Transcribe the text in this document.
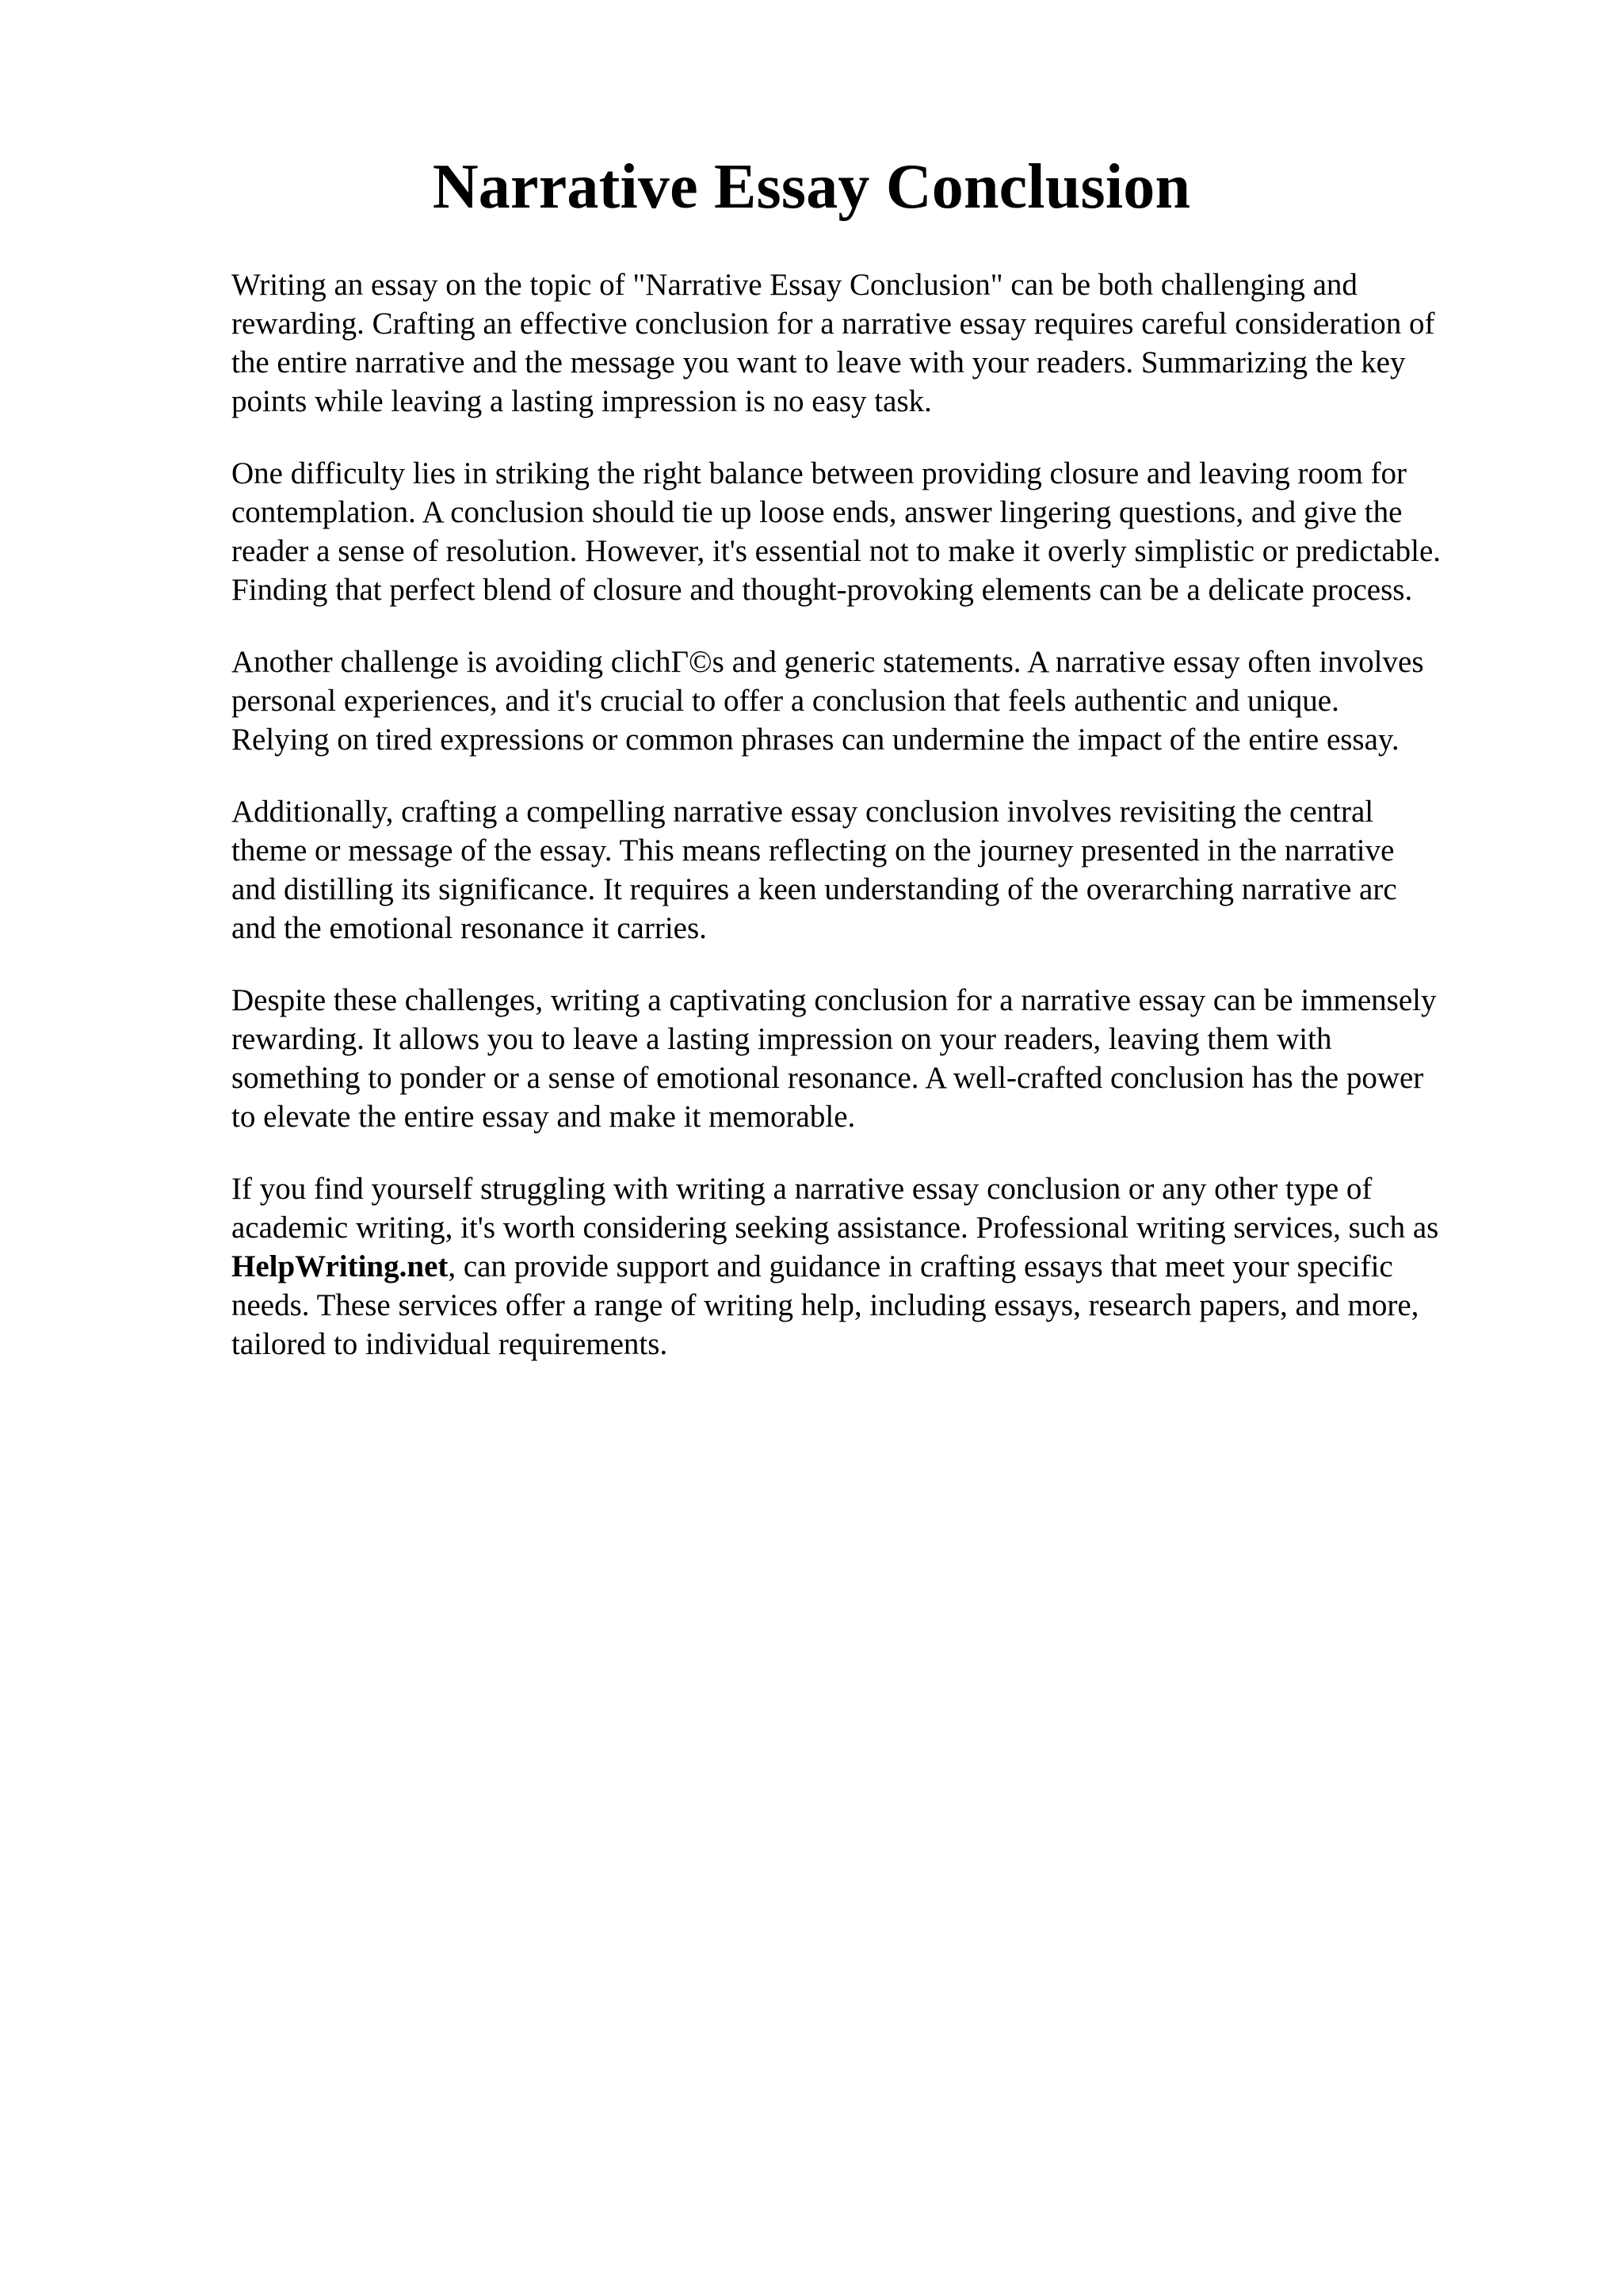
Narrative Essay Conclusion

Writing an essay on the topic of "Narrative Essay Conclusion" can be both challenging and
rewarding. Crafting an effective conclusion for a narrative essay requires careful consideration of
the entire narrative and the message you want to leave with your readers. Summarizing the key
points while leaving a lasting impression is no easy task.

One difficulty lies in striking the right balance between providing closure and leaving room for
contemplation. A conclusion should tie up loose ends, answer lingering questions, and give the
reader a sense of resolution. However, it's essential not to make it overly simplistic or predictable.
Finding that perfect blend of closure and thought-provoking elements can be a delicate process.

Another challenge is avoiding clichГ©s and generic statements. A narrative essay often involves
personal experiences, and it's crucial to offer a conclusion that feels authentic and unique.
Relying on tired expressions or common phrases can undermine the impact of the entire essay.

Additionally, crafting a compelling narrative essay conclusion involves revisiting the central
theme or message of the essay. This means reflecting on the journey presented in the narrative
and distilling its significance. It requires a keen understanding of the overarching narrative arc
and the emotional resonance it carries.

Despite these challenges, writing a captivating conclusion for a narrative essay can be immensely
rewarding. It allows you to leave a lasting impression on your readers, leaving them with
something to ponder or a sense of emotional resonance. A well-crafted conclusion has the power
to elevate the entire essay and make it memorable.

If you find yourself struggling with writing a narrative essay conclusion or any other type of
academic writing, it's worth considering seeking assistance. Professional writing services, such as
HelpWriting.net, can provide support and guidance in crafting essays that meet your specific
needs. These services offer a range of writing help, including essays, research papers, and more,
tailored to individual requirements.
